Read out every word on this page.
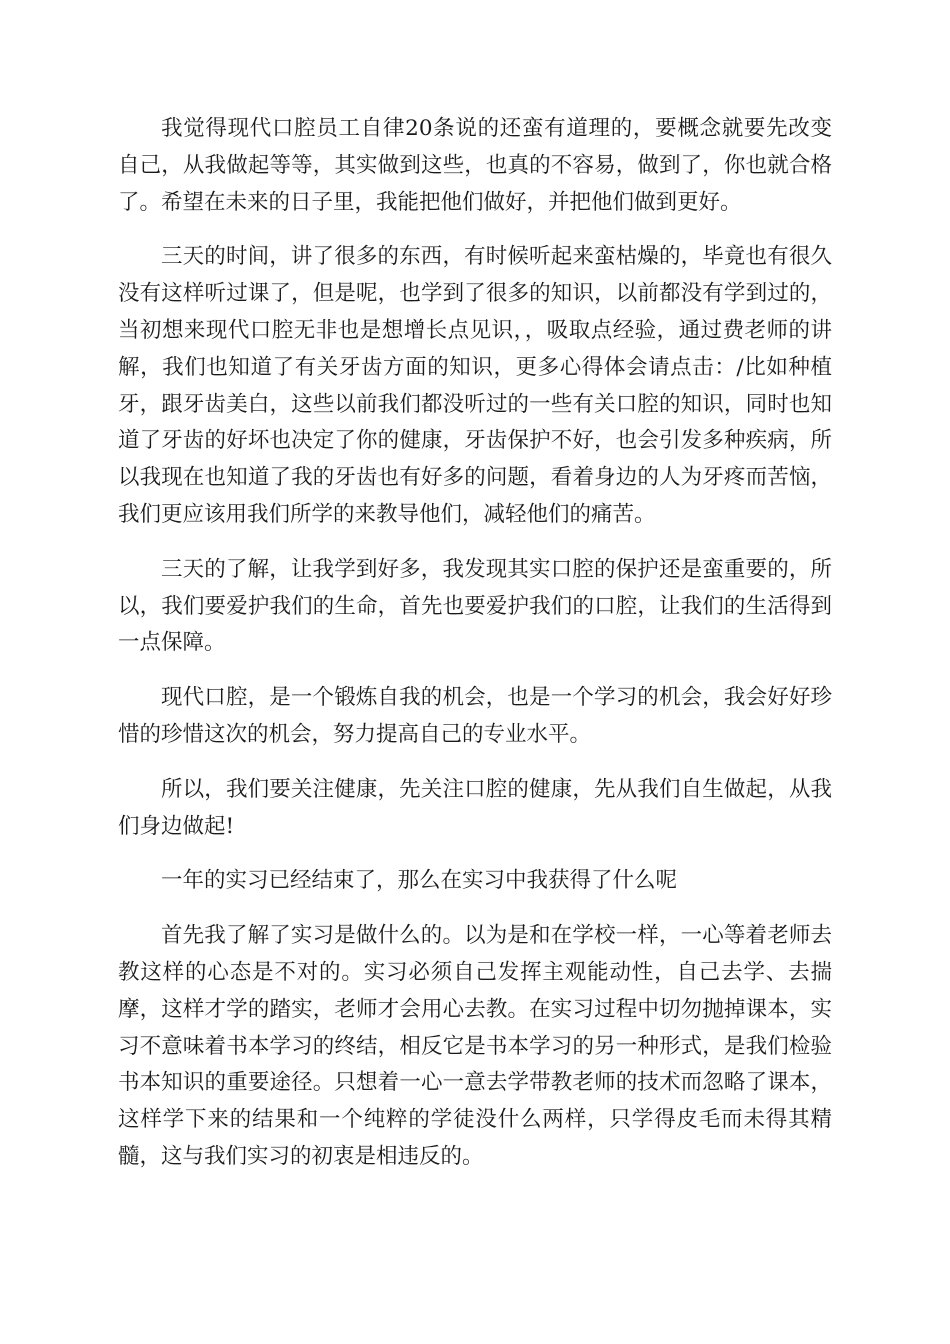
我觉得现代口腔员工自律20条说的还蛮有道理的，要概念就要先改变自己，从我做起等等，其实做到这些，也真的不容易，做到了，你也就合格了。希望在未来的日子里，我能把他们做好，并把他们做到更好。

三天的时间，讲了很多的东西，有时候听起来蛮枯燥的，毕竟也有很久没有这样听过课了，但是呢，也学到了很多的知识，以前都没有学到过的，当初想来现代口腔无非也是想增长点见识，，吸取点经验，通过费老师的讲解，我们也知道了有关牙齿方面的知识，更多心得体会请点击：/比如种植牙，跟牙齿美白，这些以前我们都没听过的一些有关口腔的知识，同时也知道了牙齿的好坏也决定了你的健康，牙齿保护不好，也会引发多种疾病，所以我现在也知道了我的牙齿也有好多的问题，看着身边的人为牙疼而苦恼，我们更应该用我们所学的来教导他们，减轻他们的痛苦。

三天的了解，让我学到好多，我发现其实口腔的保护还是蛮重要的，所以，我们要爱护我们的生命，首先也要爱护我们的口腔，让我们的生活得到一点保障。

现代口腔，是一个锻炼自我的机会，也是一个学习的机会，我会好好珍惜的珍惜这次的机会，努力提高自己的专业水平。

所以，我们要关注健康，先关注口腔的健康，先从我们自生做起，从我们身边做起!

一年的实习已经结束了，那么在实习中我获得了什么呢

首先我了解了实习是做什么的。以为是和在学校一样，一心等着老师去教这样的心态是不对的。实习必须自己发挥主观能动性，自己去学、去揣摩，这样才学的踏实，老师才会用心去教。在实习过程中切勿抛掉课本，实习不意味着书本学习的终结，相反它是书本学习的另一种形式，是我们检验书本知识的重要途径。只想着一心一意去学带教老师的技术而忽略了课本，这样学下来的结果和一个纯粹的学徒没什么两样，只学得皮毛而未得其精髓，这与我们实习的初衷是相违反的。
